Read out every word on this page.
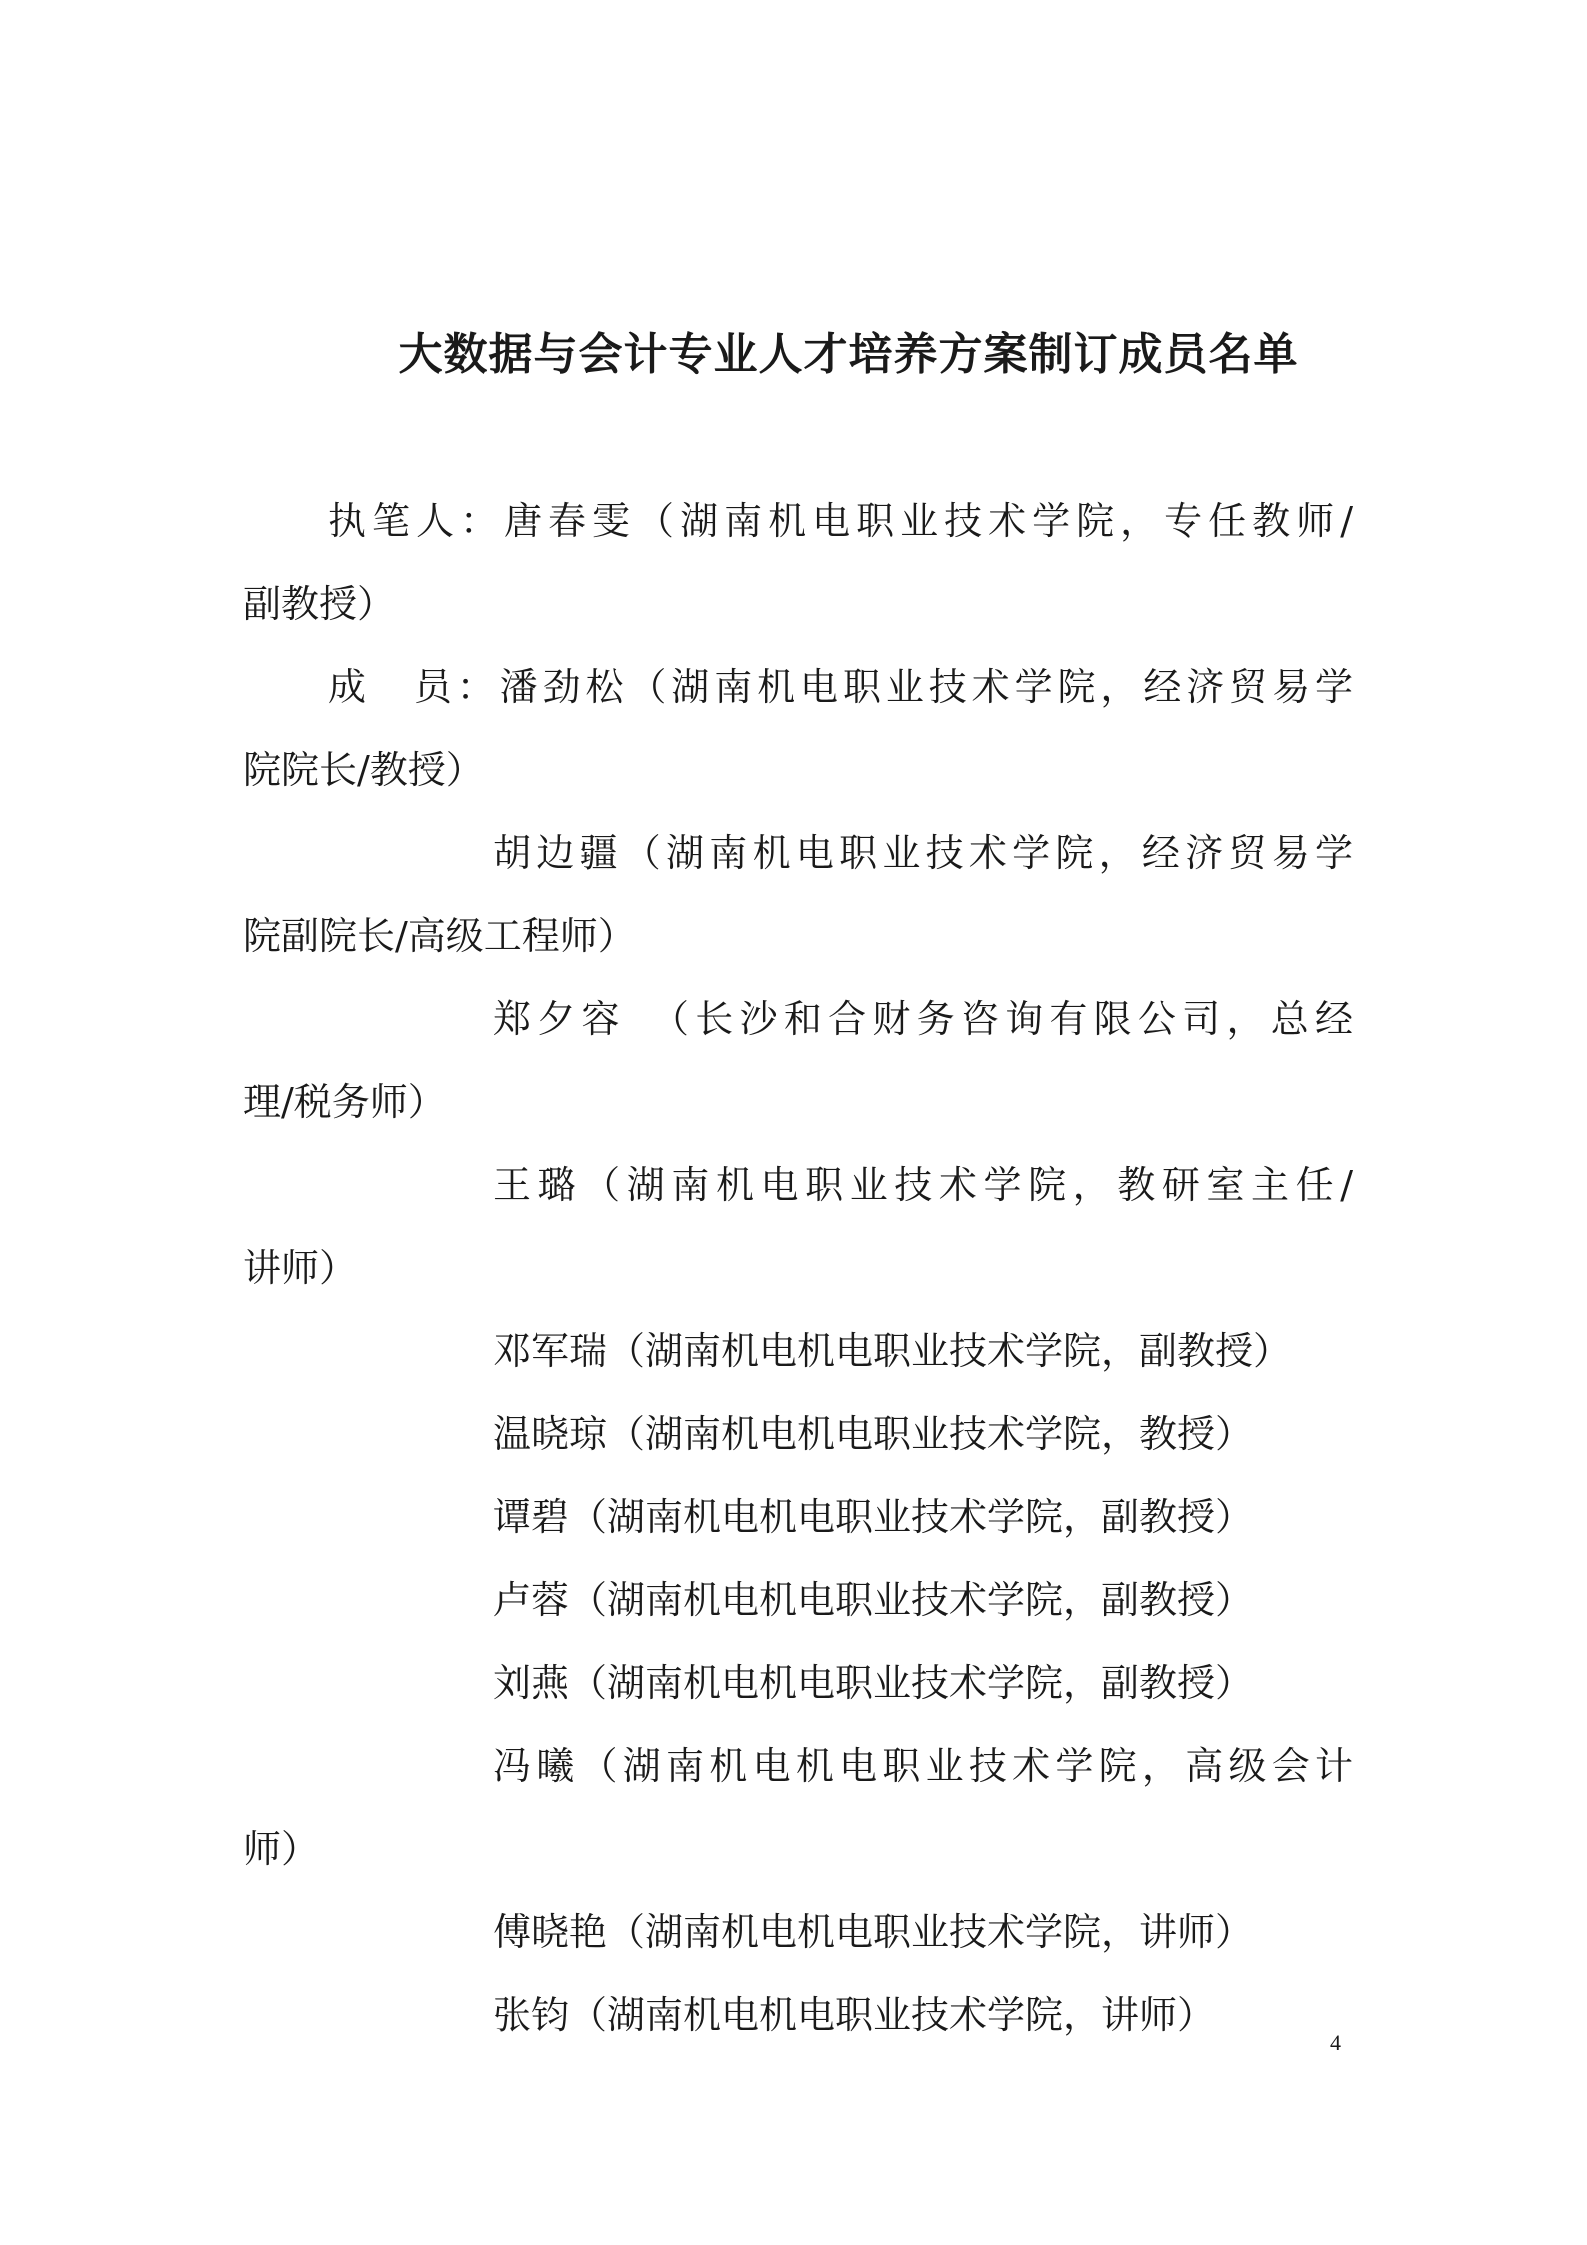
大数据与会计专业人才培养方案制订成员名单
执笔人：唐春雯（湖南机电职业技术学院，专任教师/
副教授）
成　员：潘劲松（湖南机电职业技术学院，经济贸易学
院院长/教授）
胡边疆（湖南机电职业技术学院，经济贸易学
院副院长/高级工程师）
郑夕容　（长沙和合财务咨询有限公司，总经
理/税务师）
王璐（湖南机电职业技术学院，教研室主任/
讲师）
邓军瑞（湖南机电机电职业技术学院，副教授）
温晓琼（湖南机电机电职业技术学院，教授）
谭碧（湖南机电机电职业技术学院，副教授）
卢蓉（湖南机电机电职业技术学院，副教授）
刘燕（湖南机电机电职业技术学院，副教授）
冯曦（湖南机电机电职业技术学院，高级会计
师）
傅晓艳（湖南机电机电职业技术学院，讲师）
张钧（湖南机电机电职业技术学院，讲师）
4
